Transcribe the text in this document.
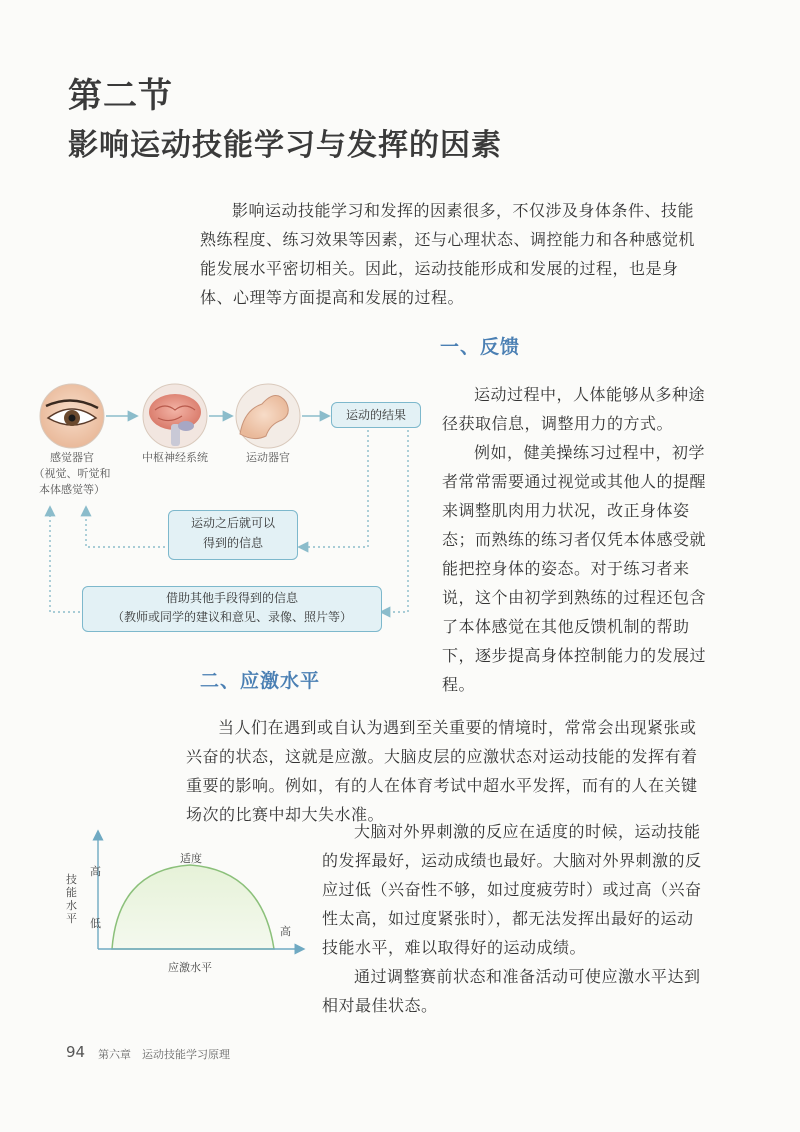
第二节
影响运动技能学习与发挥的因素

影响运动技能学习和发挥的因素很多，不仅涉及身体条件、技能熟练程度、练习效果等因素，还与心理状态、调控能力和各种感觉机能发展水平密切相关。因此，运动技能形成和发展的过程，也是身体、心理等方面提高和发展的过程。

一、反馈
感觉器官
（视觉、听觉和
本体感觉等）
中枢神经系统	运动器官
运动的结果
运动之后就可以
得到的信息
借助其他手段得到的信息
（教师或同学的建议和意见、录像、照片等）

运动过程中，人体能够从多种途径获取信息，调整用力的方式。

例如，健美操练习过程中，初学者常常需要通过视觉或其他人的提醒来调整肌肉用力状况，改正身体姿态；而熟练的练习者仅凭本体感受就能把控身体的姿态。对于练习者来说，这个由初学到熟练的过程还包含了本体感觉在其他反馈机制的帮助下，逐步提高身体控制能力的发展过程。

二、应激水平

当人们在遇到或自认为遇到至关重要的情境时，常常会出现紧张或兴奋的状态，这就是应激。大脑皮层的应激状态对运动技能的发挥有着重要的影响。例如，有的人在体育考试中超水平发挥，而有的人在关键场次的比赛中却大失水准。

技能水平
高
低
适度
高
应激水平

大脑对外界刺激的反应在适度的时候，运动技能的发挥最好，运动成绩也最好。大脑对外界刺激的反应过低（兴奋性不够，如过度疲劳时）或过高（兴奋性太高，如过度紧张时），都无法发挥出最好的运动技能水平，难以取得好的运动成绩。

通过调整赛前状态和准备活动可使应激水平达到相对最佳状态。

94 第六章　运动技能学习原理
